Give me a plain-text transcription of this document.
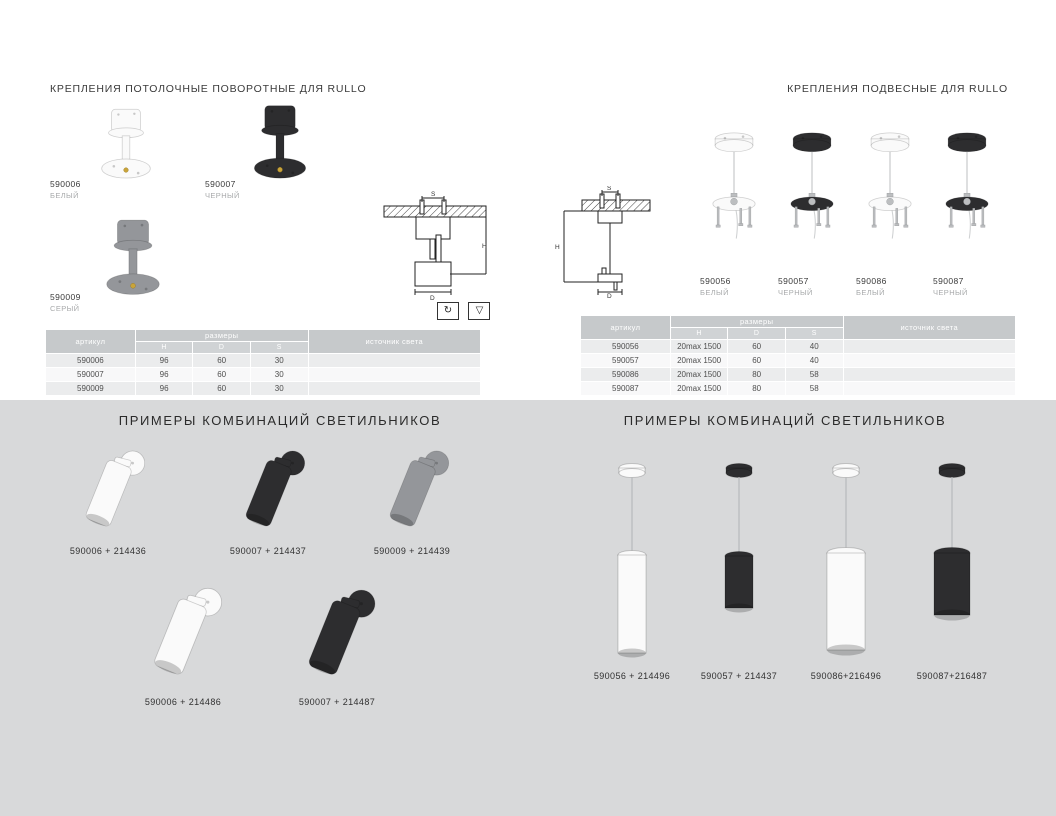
КРЕПЛЕНИЯ ПОТОЛОЧНЫЕ ПОВОРОТНЫЕ ДЛЯ RULLO
590006
БЕЛЫЙ
590007
ЧЕРНЫЙ
590009
СЕРЫЙ
S
H
D
↻ ▽
артикул	размеры			источник света
	H	D	S	
590006	96	60	30	
590007	96	60	30	
590009	96	60	30	
КРЕПЛЕНИЯ ПОДВЕСНЫЕ ДЛЯ RULLO
S
H
D
590056
БЕЛЫЙ
590057
ЧЕРНЫЙ
590086
БЕЛЫЙ
590087
ЧЕРНЫЙ
артикул	размеры			источник света
	H	D	S	
590056	20max 1500	60	40	
590057	20max 1500	60	40	
590086	20max 1500	80	58	
590087	20max 1500	80	58	
ПРИМЕРЫ КОМБИНАЦИЙ СВЕТИЛЬНИКОВ	ПРИМЕРЫ КОМБИНАЦИЙ СВЕТИЛЬНИКОВ
590006 + 214436	590007 + 214437	590009 + 214439
590006 + 214486	590007 + 214487
590056 + 214496	590057 + 214437	590086+216496	590087+216487
